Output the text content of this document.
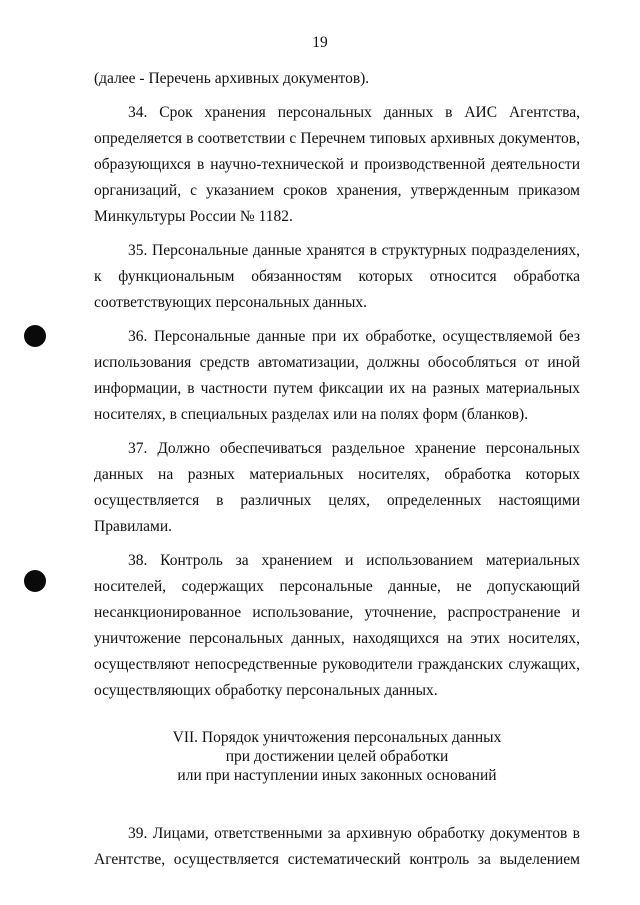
19
(далее - Перечень архивных документов).
34. Срок хранения персональных данных в АИС Агентства,
определяется в соответствии с Перечнем типовых архивных документов,
образующихся в научно-технической и производственной деятельности
организаций, с указанием сроков хранения, утвержденным приказом
Минкультуры России № 1182.
35. Персональные данные хранятся в структурных подразделениях,
к функциональным обязанностям которых относится обработка
соответствующих персональных данных.
36. Персональные данные при их обработке, осуществляемой без
использования средств автоматизации, должны обособляться от иной
информации, в частности путем фиксации их на разных материальных
носителях, в специальных разделах или на полях форм (бланков).
37. Должно обеспечиваться раздельное хранение персональных
данных на разных материальных носителях, обработка которых
осуществляется в различных целях, определенных настоящими
Правилами.
38. Контроль за хранением и использованием материальных
носителей, содержащих персональные данные, не допускающий
несанкционированное использование, уточнение, распространение и
уничтожение персональных данных, находящихся на этих носителях,
осуществляют непосредственные руководители гражданских служащих,
осуществляющих обработку персональных данных.
VII. Порядок уничтожения персональных данных
при достижении целей обработки
или при наступлении иных законных оснований
39. Лицами, ответственными за архивную обработку документов в
Агентстве, осуществляется систематический контроль за выделением
